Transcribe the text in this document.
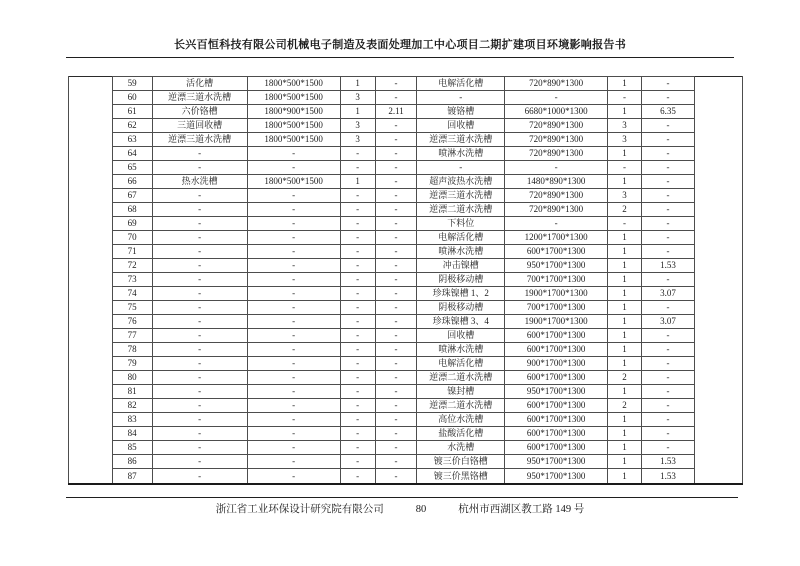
长兴百恒科技有限公司机械电子制造及表面处理加工中心项目二期扩建项目环境影响报告书
	59	活化槽	1800*500*1500	1	-	电解活化槽	720*890*1300	1	-	
	60	逆漂三道水洗槽	1800*500*1500	3	-	-	-	-	-	
	61	六价铬槽	1800*900*1500	1	2.11	镀铬槽	6680*1000*1300	1	6.35	
	62	三道回收槽	1800*500*1500	3	-	回收槽	720*890*1300	3	-	
	63	逆漂三道水洗槽	1800*500*1500	3	-	逆漂三道水洗槽	720*890*1300	3	-	
	64	-	-	-	-	喷淋水洗槽	720*890*1300	1	-	
	65	-	-	-	-	-	-	-	-	
	66	热水洗槽	1800*500*1500	1	-	超声波热水洗槽	1480*890*1300	1	-	
	67	-	-	-	-	逆漂三道水洗槽	720*890*1300	3	-	
	68	-	-	-	-	逆漂二道水洗槽	720*890*1300	2	-	
	69	-	-	-	-	下料位	-	-	-	
	70	-	-	-	-	电解活化槽	1200*1700*1300	1	-	
	71	-	-	-	-	喷淋水洗槽	600*1700*1300	1	-	
	72	-	-	-	-	冲击镍槽	950*1700*1300	1	1.53	
	73	-	-	-	-	阴极移动槽	700*1700*1300	1	-	
	74	-	-	-	-	珍珠镍槽 1、2	1900*1700*1300	1	3.07	
	75	-	-	-	-	阴极移动槽	700*1700*1300	1	-	
	76	-	-	-	-	珍珠镍槽 3、4	1900*1700*1300	1	3.07	
	77	-	-	-	-	回收槽	600*1700*1300	1	-	
	78	-	-	-	-	喷淋水洗槽	600*1700*1300	1	-	
	79	-	-	-	-	电解活化槽	900*1700*1300	1	-	
	80	-	-	-	-	逆漂二道水洗槽	600*1700*1300	2	-	
	81	-	-	-	-	镍封槽	950*1700*1300	1	-	
	82	-	-	-	-	逆漂二道水洗槽	600*1700*1300	2	-	
	83	-	-	-	-	高位水洗槽	600*1700*1300	1	-	
	84	-	-	-	-	盐酸活化槽	600*1700*1300	1	-	
	85	-	-	-	-	水洗槽	600*1700*1300	1	-	
	86	-	-	-	-	镀三价白铬槽	950*1700*1300	1	1.53	
	87	-	-	-	-	镀三价黑铬槽	950*1700*1300	1	1.53	
浙江省工业环保设计研究院有限公司	80	杭州市西湖区教工路 149 号
